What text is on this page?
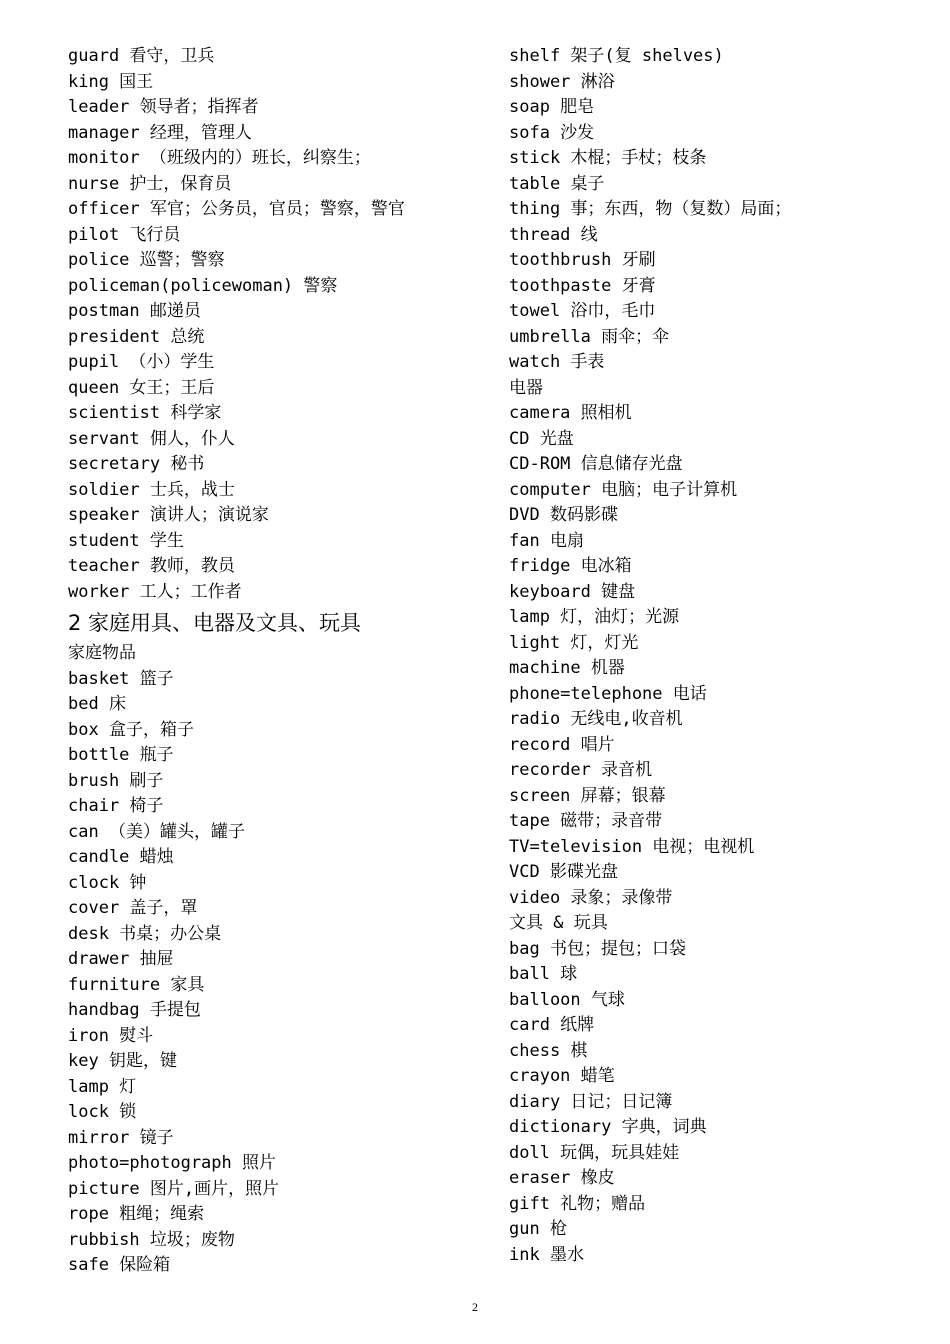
guard 看守，卫兵
king 国王
leader 领导者；指挥者
manager 经理，管理人
monitor （班级内的）班长，纠察生；
nurse 护士，保育员
officer 军官；公务员，官员；警察，警官
pilot 飞行员
police 巡警；警察
policeman(policewoman) 警察
postman 邮递员
president 总统
pupil （小）学生
queen 女王；王后
scientist 科学家
servant 佣人，仆人
secretary 秘书
soldier 士兵，战士
speaker 演讲人；演说家
student 学生
teacher 教师，教员
worker 工人；工作者
2 家庭用具、电器及文具、玩具
家庭物品
basket 篮子
bed 床
box 盒子，箱子
bottle 瓶子
brush 刷子
chair 椅子
can （美）罐头，罐子
candle 蜡烛
clock 钟
cover 盖子，罩
desk 书桌；办公桌
drawer 抽屉
furniture 家具
handbag 手提包
iron 熨斗
key 钥匙，键
lamp 灯
lock 锁
mirror 镜子
photo=photograph 照片
picture 图片,画片，照片
rope 粗绳；绳索
rubbish 垃圾；废物
safe 保险箱
shelf 架子(复 shelves)
shower 淋浴
soap 肥皂
sofa 沙发
stick 木棍；手杖；枝条
table 桌子
thing 事；东西，物（复数）局面；
thread 线
toothbrush 牙刷
toothpaste 牙膏
towel 浴巾，毛巾
umbrella 雨伞；伞
watch 手表
电器
camera 照相机
CD 光盘
CD-ROM 信息储存光盘
computer 电脑；电子计算机
DVD 数码影碟
fan 电扇
fridge 电冰箱
keyboard 键盘
lamp 灯，油灯；光源
light 灯，灯光
machine 机器
phone=telephone 电话
radio 无线电,收音机
record 唱片
recorder 录音机
screen 屏幕；银幕
tape 磁带；录音带
TV=television 电视；电视机
VCD 影碟光盘
video 录象；录像带
文具 & 玩具
bag 书包；提包；口袋
ball 球
balloon 气球
card 纸牌
chess 棋
crayon 蜡笔
diary 日记；日记簿
dictionary 字典，词典
doll 玩偶，玩具娃娃
eraser 橡皮
gift 礼物；赠品
gun 枪
ink 墨水
2
